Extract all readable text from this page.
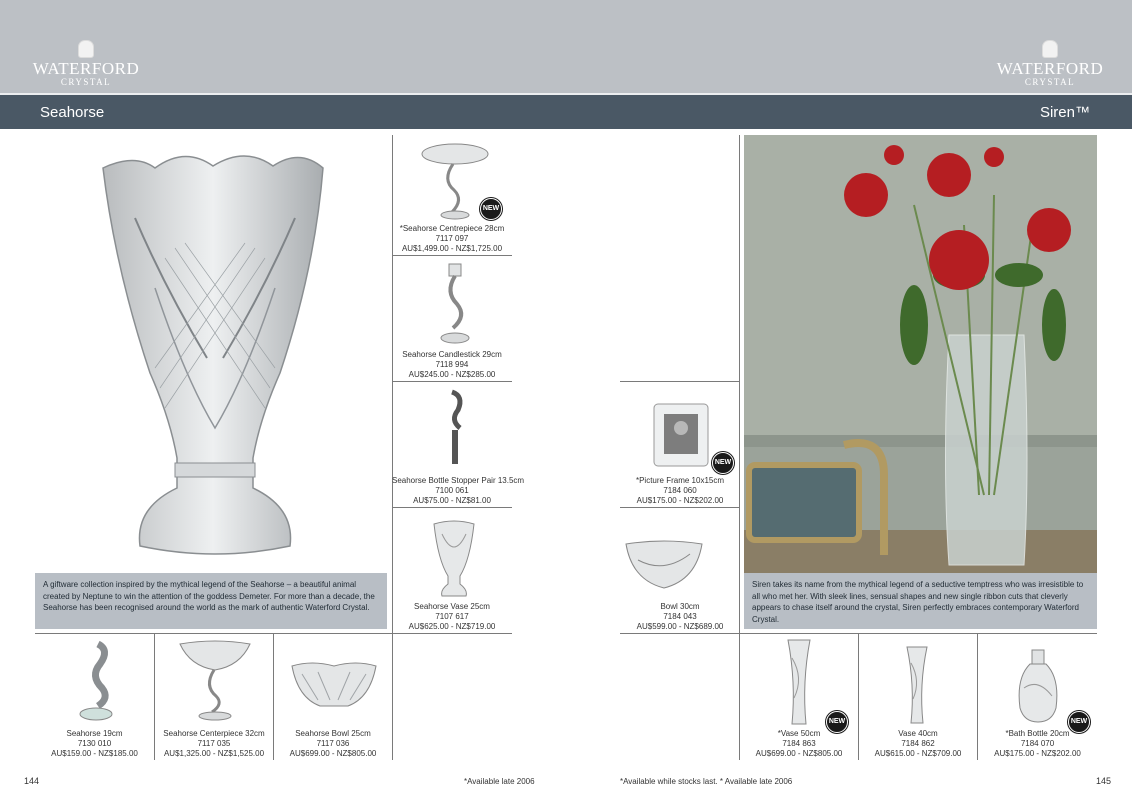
WATERFORD
CRYSTAL
WATERFORD
CRYSTAL
Seahorse	Siren™
A giftware collection inspired by the mythical legend of the Seahorse – a beautiful animal created by Neptune to win the attention of the goddess Demeter. For more than a decade, the Seahorse has been recognised around the world as the mark of authentic Waterford Crystal.
NEW
*Seahorse Centrepiece 28cm
7117 097
AU$1,499.00 - NZ$1,725.00
Seahorse Candlestick 29cm
7118 994
AU$245.00 - NZ$285.00
Seahorse Bottle Stopper Pair 13.5cm
7100 061
AU$75.00 - NZ$81.00
Seahorse Vase 25cm
7107 617
AU$625.00 - NZ$719.00
Seahorse 19cm
7130 010
AU$159.00 - NZ$185.00
Seahorse Centerpiece 32cm
7117 035
AU$1,325.00 - NZ$1,525.00
Seahorse Bowl 25cm
7117 036
AU$699.00 - NZ$805.00
Siren takes its name from the mythical legend of a seductive temptress who was irresistible to all who met her. With sleek lines, sensual shapes and new single ribbon cuts that cleverly appears to chase itself around the crystal, Siren perfectly embraces contemporary Waterford Crystal.
NEW
*Picture Frame 10x15cm
7184 060
AU$175.00 - NZ$202.00
Bowl 30cm
7184 043
AU$599.00 - NZ$689.00
NEW
*Vase 50cm
7184 863
AU$699.00 - NZ$805.00
Vase 40cm
7184 862
AU$615.00 - NZ$709.00
NEW
*Bath Bottle 20cm
7184 070
AU$175.00 - NZ$202.00
144	*Available late 2006	*Available while stocks last. * Available late 2006	145
